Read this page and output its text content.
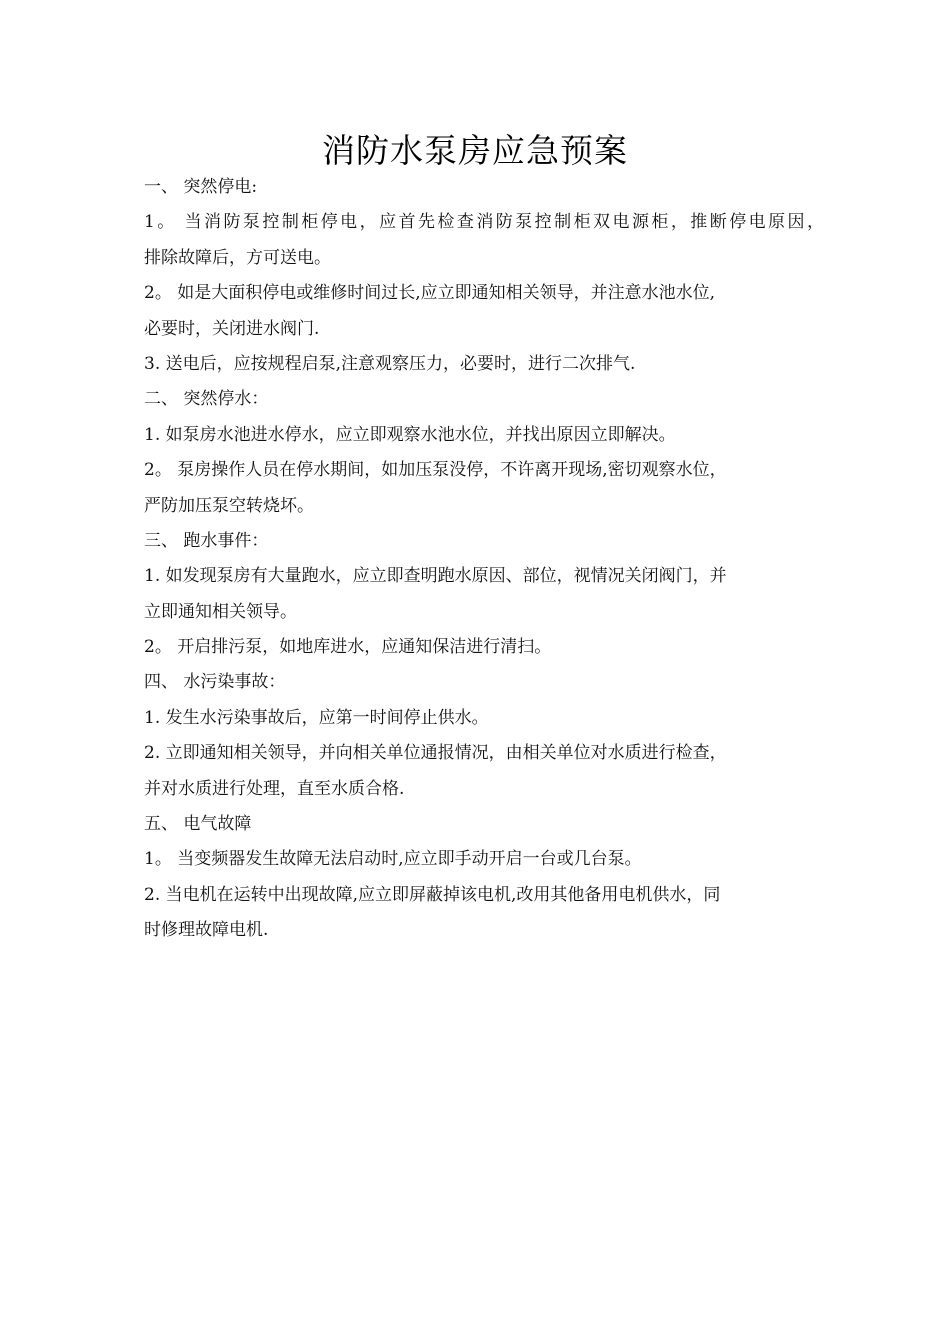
消防水泵房应急预案
一、 突然停电:
1。 当消防泵控制柜停电，应首先检查消防泵控制柜双电源柜，推断停电原因，
排除故障后，方可送电。
2。 如是大面积停电或维修时间过长,应立即通知相关领导，并注意水池水位,
必要时，关闭进水阀门.
3. 送电后，应按规程启泵,注意观察压力，必要时，进行二次排气.
二、 突然停水：
1. 如泵房水池进水停水，应立即观察水池水位，并找出原因立即解决。
2。 泵房操作人员在停水期间，如加压泵没停，不许离开现场,密切观察水位，
严防加压泵空转烧坏。
三、 跑水事件：
1. 如发现泵房有大量跑水，应立即查明跑水原因、部位，视情况关闭阀门，并
立即通知相关领导。
2。 开启排污泵，如地库进水，应通知保洁进行清扫。
四、 水污染事故：
1. 发生水污染事故后，应第一时间停止供水。
2. 立即通知相关领导，并向相关单位通报情况，由相关单位对水质进行检查，
并对水质进行处理，直至水质合格.
五、 电气故障
1。 当变频器发生故障无法启动时,应立即手动开启一台或几台泵。
2. 当电机在运转中出现故障,应立即屏蔽掉该电机,改用其他备用电机供水，同
时修理故障电机.
